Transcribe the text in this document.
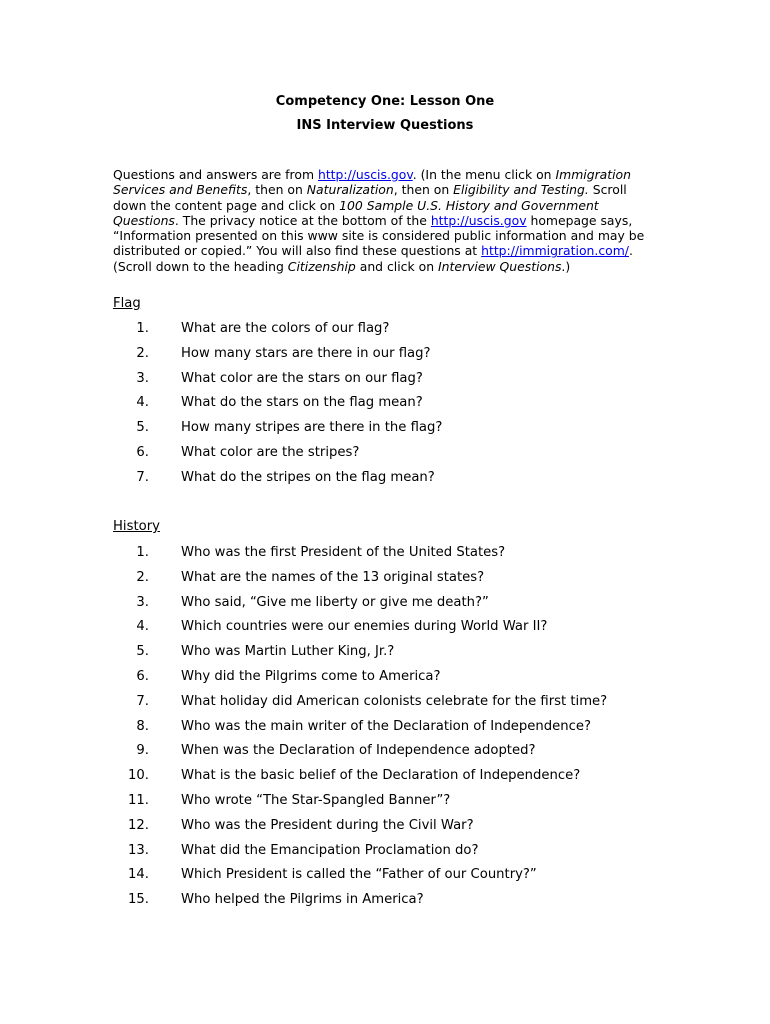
Competency One: Lesson One
INS Interview Questions
Questions and answers are from http://uscis.gov. (In the menu click on Immigration
Services and Benefits, then on Naturalization, then on Eligibility and Testing. Scroll
down the content page and click on 100 Sample U.S. History and Government
Questions. The privacy notice at the bottom of the http://uscis.gov homepage says,
“Information presented on this www site is considered public information and may be
distributed or copied.” You will also find these questions at http://immigration.com/.
(Scroll down to the heading Citizenship and click on Interview Questions.)
Flag
1. What are the colors of our flag?
2. How many stars are there in our flag?
3. What color are the stars on our flag?
4. What do the stars on the flag mean?
5. How many stripes are there in the flag?
6. What color are the stripes?
7. What do the stripes on the flag mean?
History
1. Who was the first President of the United States?
2. What are the names of the 13 original states?
3. Who said, “Give me liberty or give me death?”
4. Which countries were our enemies during World War II?
5. Who was Martin Luther King, Jr.?
6. Why did the Pilgrims come to America?
7. What holiday did American colonists celebrate for the first time?
8. Who was the main writer of the Declaration of Independence?
9. When was the Declaration of Independence adopted?
10. What is the basic belief of the Declaration of Independence?
11. Who wrote “The Star-Spangled Banner”?
12. Who was the President during the Civil War?
13. What did the Emancipation Proclamation do?
14. Which President is called the “Father of our Country?”
15. Who helped the Pilgrims in America?
